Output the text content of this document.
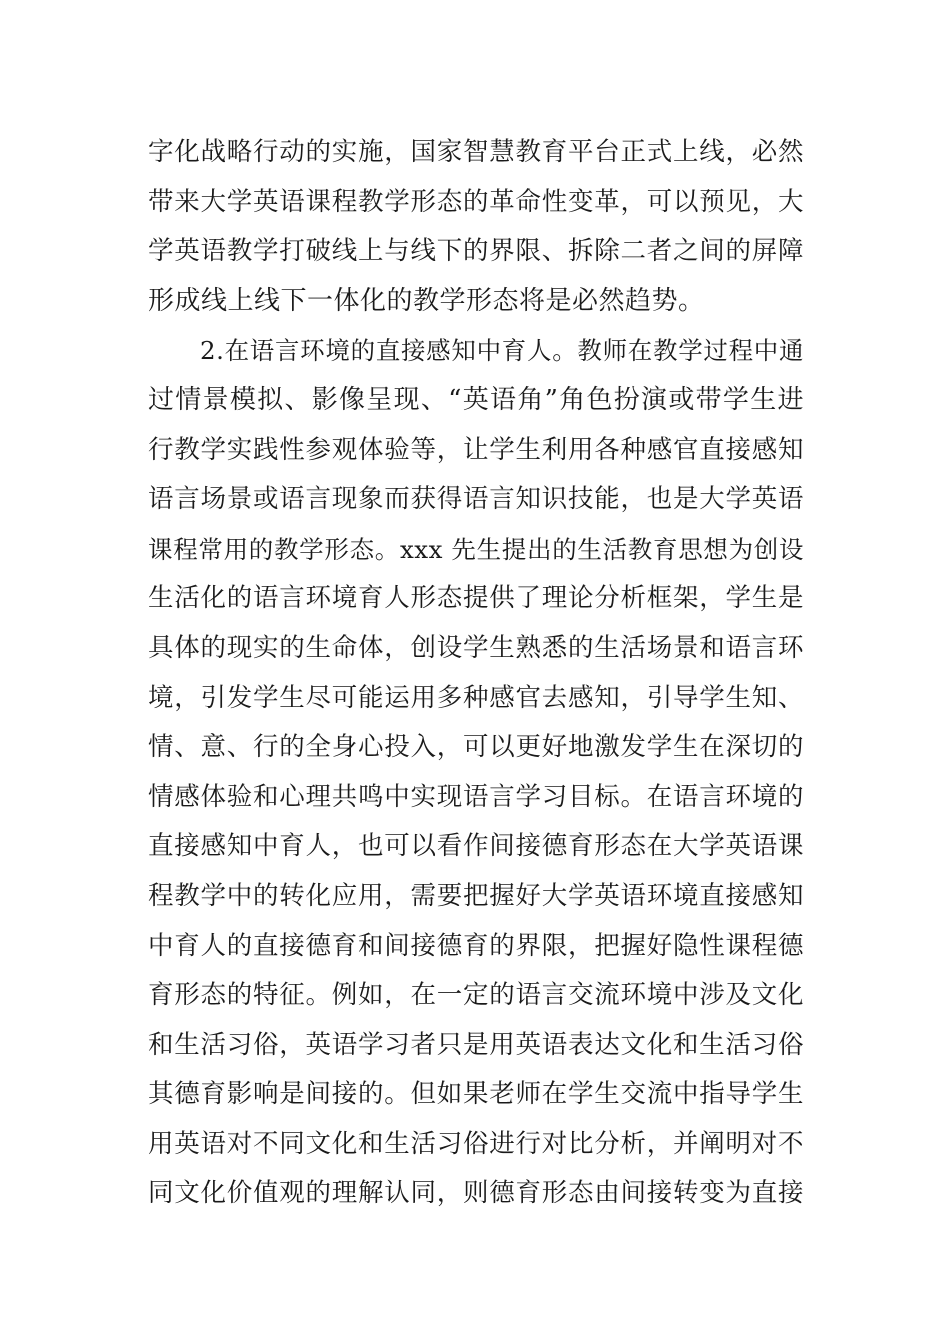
字化战略行动的实施，国家智慧教育平台正式上线，必然
带来大学英语课程教学形态的革命性变革，可以预见，大
学英语教学打破线上与线下的界限、拆除二者之间的屏障
形成线上线下一体化的教学形态将是必然趋势。
2.在语言环境的直接感知中育人。教师在教学过程中通
过情景模拟、影像呈现、“英语角”角色扮演或带学生进
行教学实践性参观体验等，让学生利用各种感官直接感知
语言场景或语言现象而获得语言知识技能，也是大学英语
课程常用的教学形态。xxx 先生提出的生活教育思想为创设
生活化的语言环境育人形态提供了理论分析框架，学生是
具体的现实的生命体，创设学生熟悉的生活场景和语言环
境，引发学生尽可能运用多种感官去感知，引导学生知、
情、意、行的全身心投入，可以更好地激发学生在深切的
情感体验和心理共鸣中实现语言学习目标。在语言环境的
直接感知中育人，也可以看作间接德育形态在大学英语课
程教学中的转化应用，需要把握好大学英语环境直接感知
中育人的直接德育和间接德育的界限，把握好隐性课程德
育形态的特征。例如，在一定的语言交流环境中涉及文化
和生活习俗，英语学习者只是用英语表达文化和生活习俗
其德育影响是间接的。但如果老师在学生交流中指导学生
用英语对不同文化和生活习俗进行对比分析，并阐明对不
同文化价值观的理解认同，则德育形态由间接转变为直接
